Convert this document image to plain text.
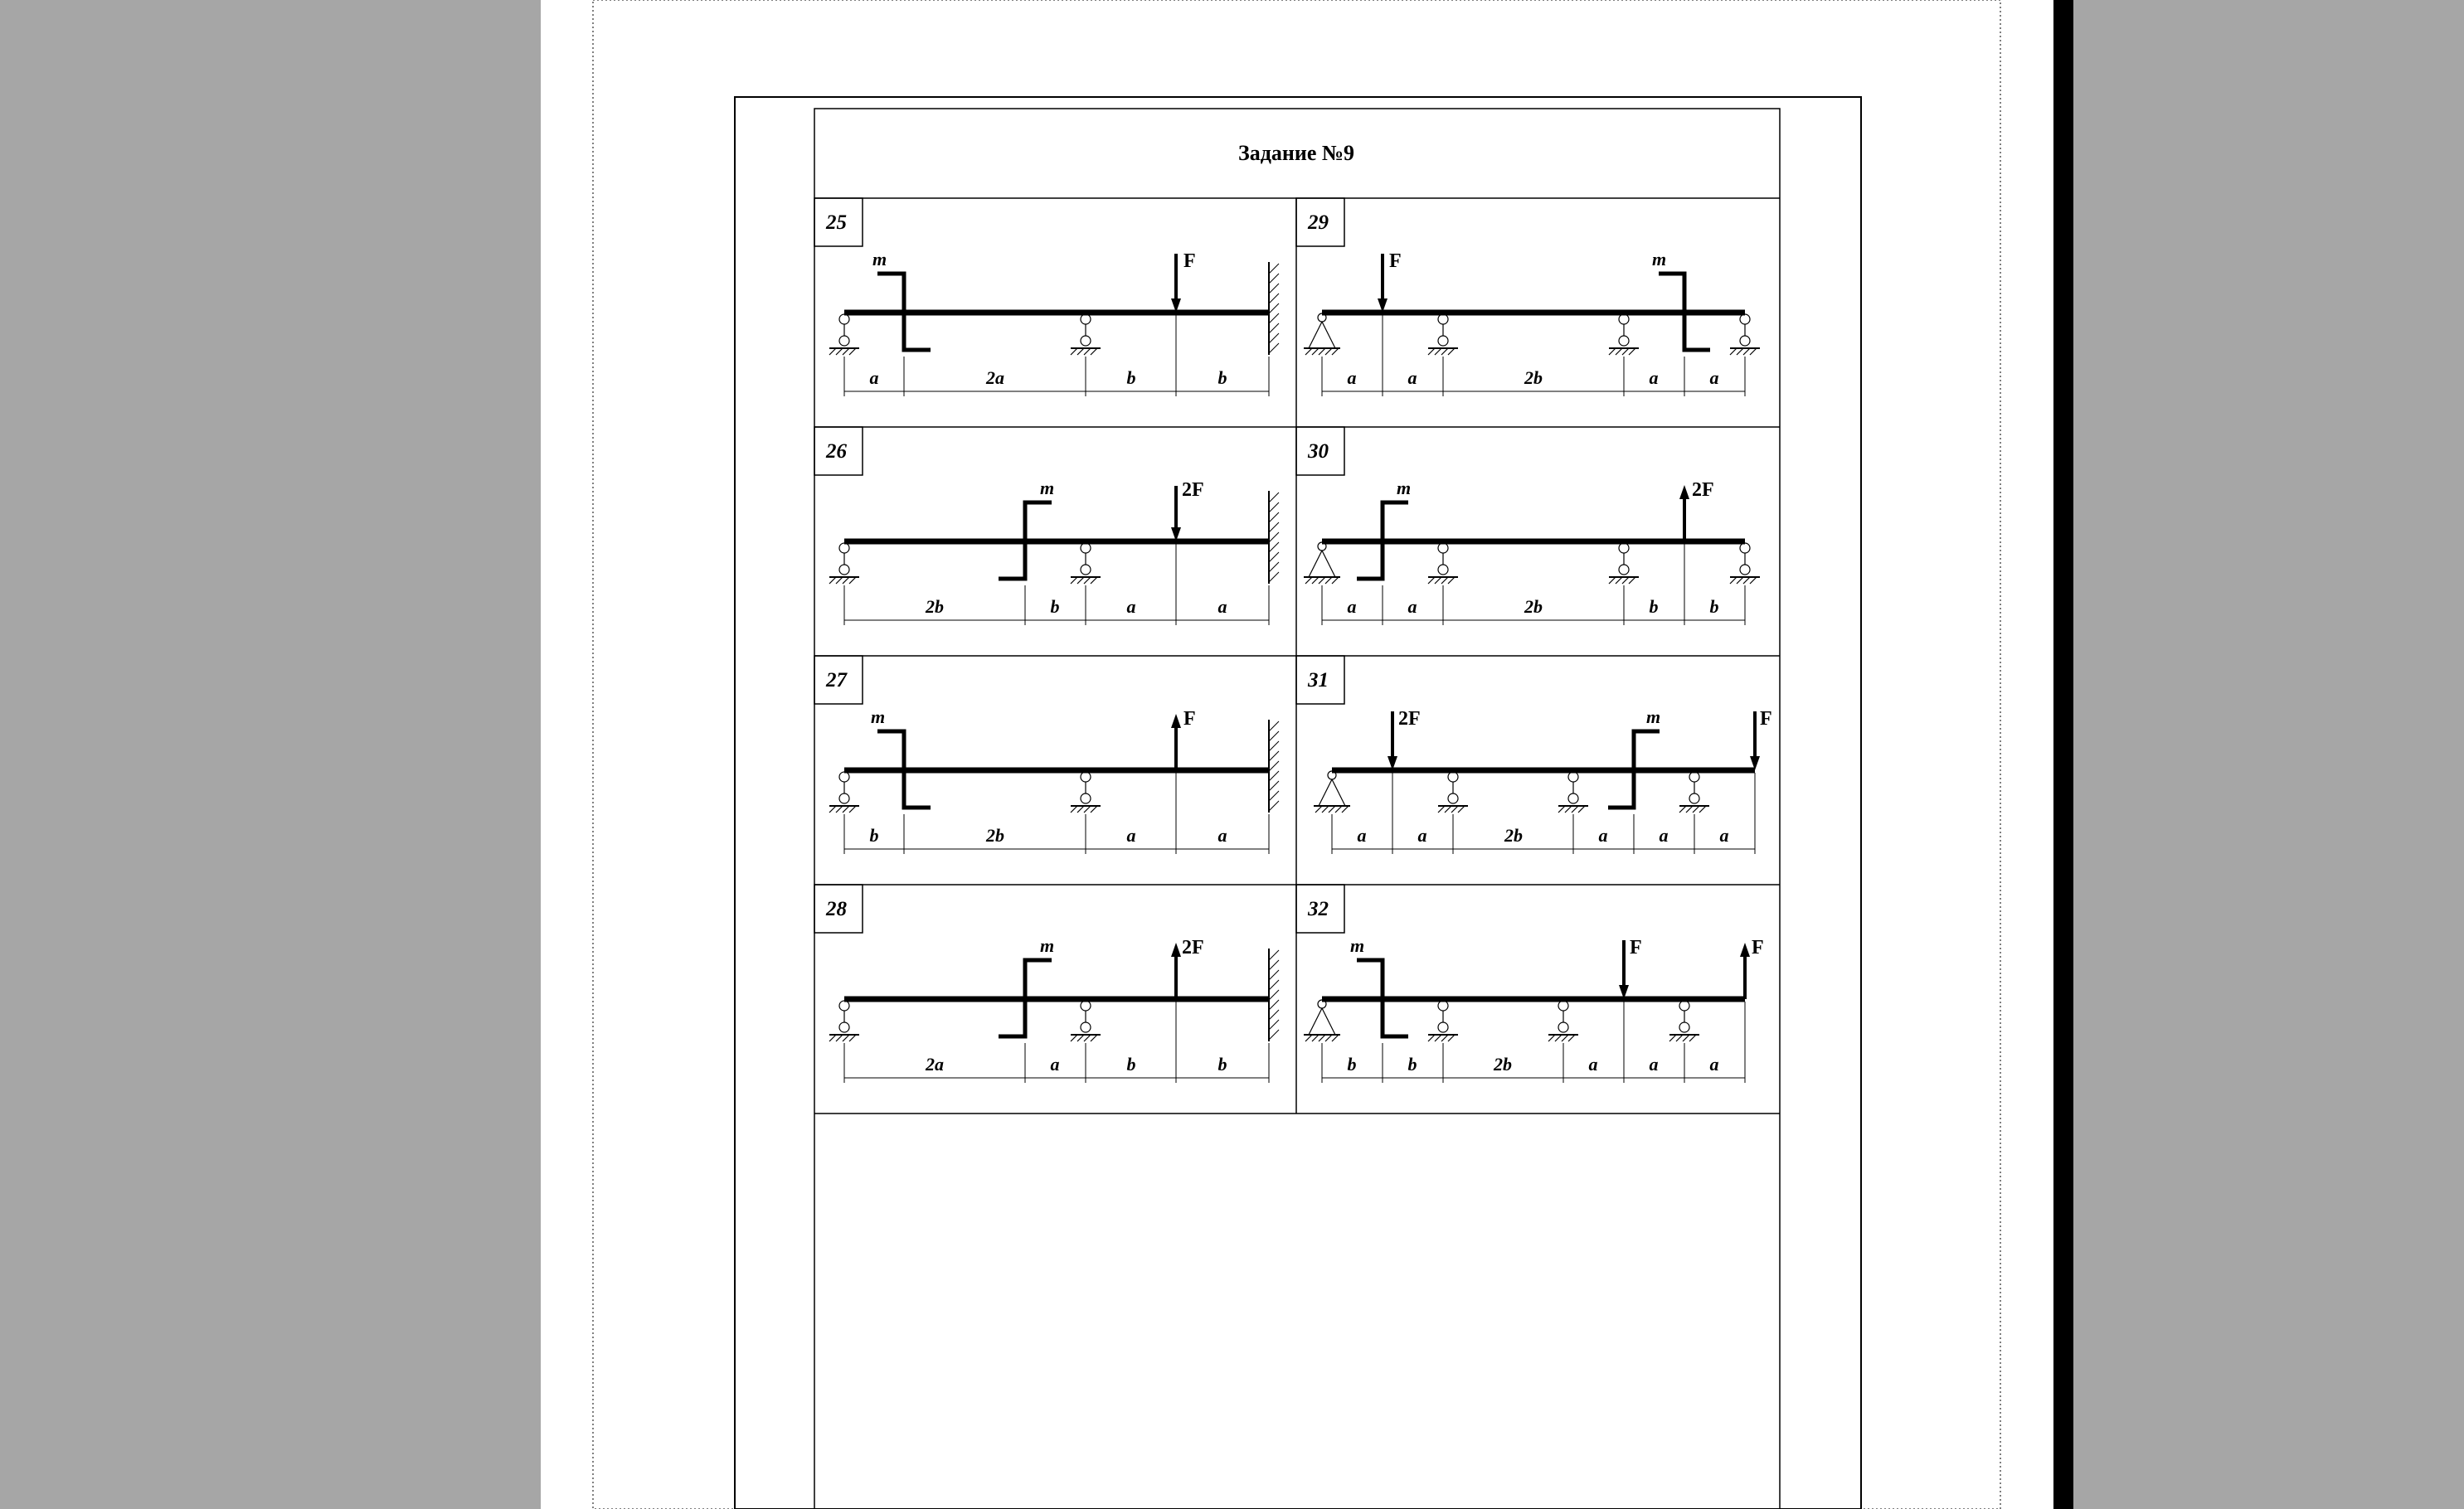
Задание №9
25
m	F
a	2a	b	b
26
m	2F
2b	b	a	a
27
m	F
b	2b	a	a
28
m	2F
2a	a	b	b
29
F	m
a	a	2b	a	a
30
m	2F
a	a	2b	b	b
31
2F	m	F
a	a	2b	a	a	a
32
m	F	F
b	b	2b	a	a	a
